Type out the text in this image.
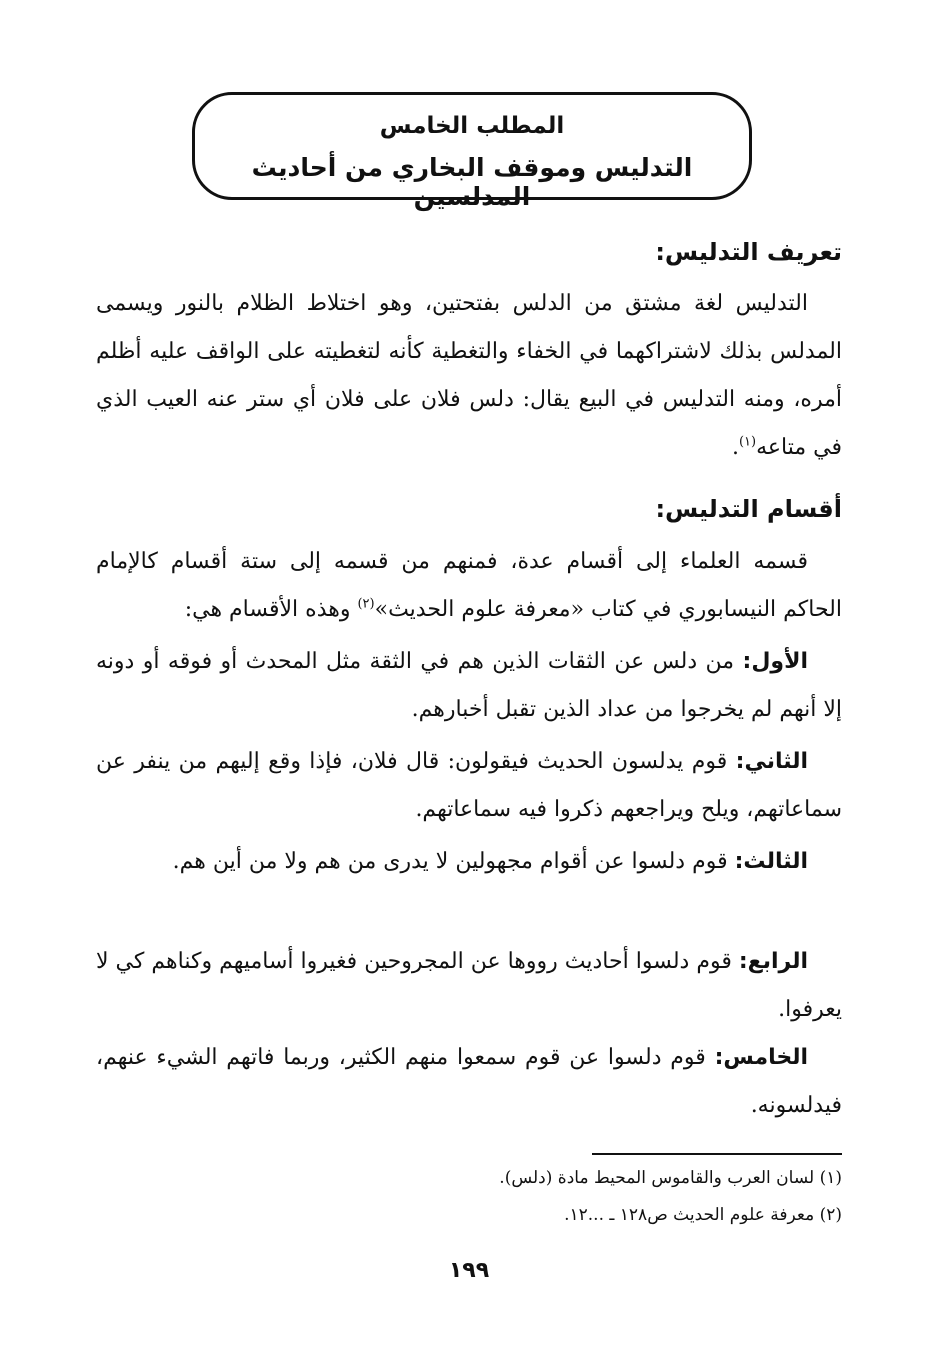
المطلب الخامس
التدليس وموقف البخاري من أحاديث المدلسين
تعريف التدليس:
التدليس لغة مشتق من الدلس بفتحتين، وهو اختلاط الظلام بالنور ويسمى المدلس بذلك لاشتراكهما في الخفاء والتغطية كأنه لتغطيته على الواقف عليه أظلم أمره، ومنه التدليس في البيع يقال: دلس فلان على فلان أي ستر عنه العيب الذي في متاعه$^{(١)}$.
أقسام التدليس:
قسمه العلماء إلى أقسام عدة، فمنهم من قسمه إلى ستة أقسام كالإمام الحاكم النيسابوري في كتاب «معرفة علوم الحديث»$^{(٢)}$ وهذه الأقسام هي:
الأول: من دلس عن الثقات الذين هم في الثقة مثل المحدث أو فوقه أو دونه إلا أنهم لم يخرجوا من عداد الذين تقبل أخبارهم.
الثاني: قوم يدلسون الحديث فيقولون: قال فلان، فإذا وقع إليهم من ينفر عن سماعاتهم، ويلح ويراجعهم ذكروا فيه سماعاتهم.
الثالث: قوم دلسوا عن أقوام مجهولين لا يدرى من هم ولا من أين هم.
الرابع: قوم دلسوا أحاديث رووها عن المجروحين فغيروا أساميهم وكناهم كي لا يعرفوا.
الخامس: قوم دلسوا عن قوم سمعوا منهم الكثير، وربما فاتهم الشيء عنهم، فيدلسونه.
(١) لسان العرب والقاموس المحيط مادة (دلس).
(٢) معرفة علوم الحديث ص١٢٨ ـ ...١٢.
١٩٩
